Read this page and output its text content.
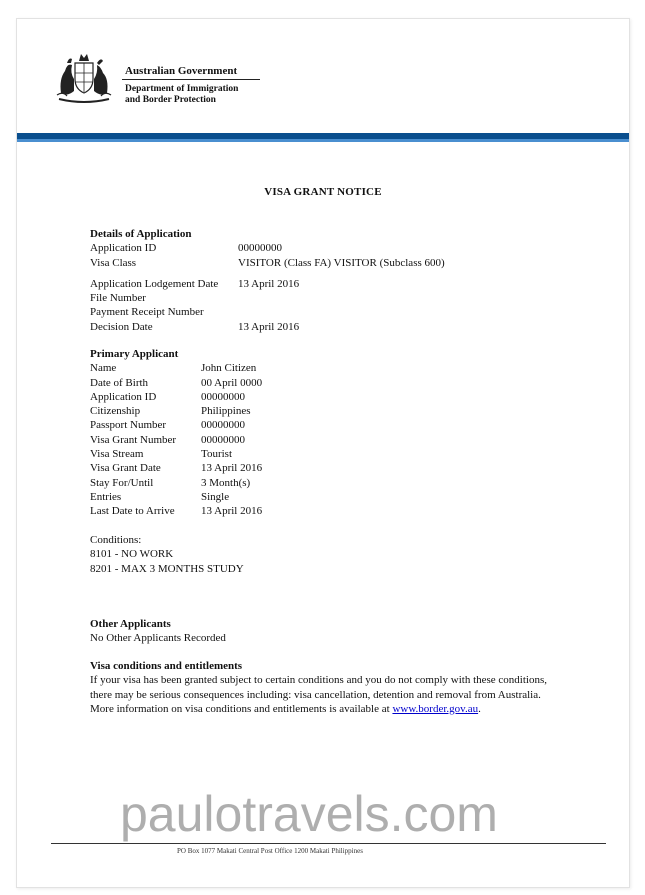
Australian Government
Department of Immigration
and Border Protection
VISA GRANT NOTICE
Details of Application
Application ID	00000000
Visa Class	VISITOR (Class FA) VISITOR (Subclass 600)
Application Lodgement Date	13 April 2016
File Number
Payment Receipt Number
Decision Date	13 April 2016
Primary Applicant
Name	John Citizen
Date of Birth	00 April 0000
Application ID	00000000
Citizenship	Philippines
Passport Number	00000000
Visa Grant Number	00000000
Visa Stream	Tourist
Visa Grant Date	13 April 2016
Stay For/Until	3 Month(s)
Entries	Single
Last Date to Arrive	13 April 2016
Conditions:
8101 - NO WORK
8201 - MAX 3 MONTHS STUDY
Other Applicants
No Other Applicants Recorded
Visa conditions and entitlements
If your visa has been granted subject to certain conditions and you do not comply with these conditions, there may be serious consequences including: visa cancellation, detention and removal from Australia. More information on visa conditions and entitlements is available at www.border.gov.au.
PO Box 1077 Makati Central Post Office 1200 Makati Philippines
paulotravels.com
